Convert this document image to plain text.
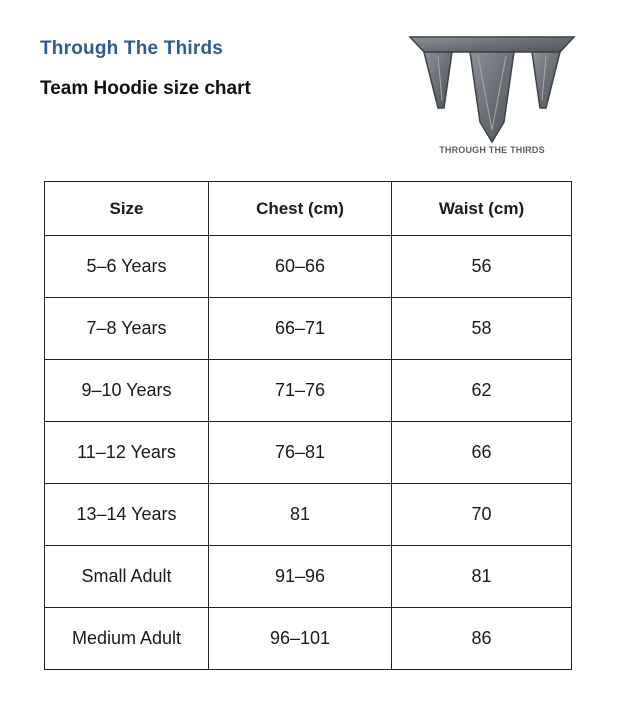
Through The Thirds
Team Hoodie size chart
THROUGH THE THIRDS
Size	Chest (cm)	Waist (cm)
5–6 Years	60–66	56
7–8 Years	66–71	58
9–10 Years	71–76	62
11–12 Years	76–81	66
13–14 Years	81	70
Small Adult	91–96	81
Medium Adult	96–101	86
